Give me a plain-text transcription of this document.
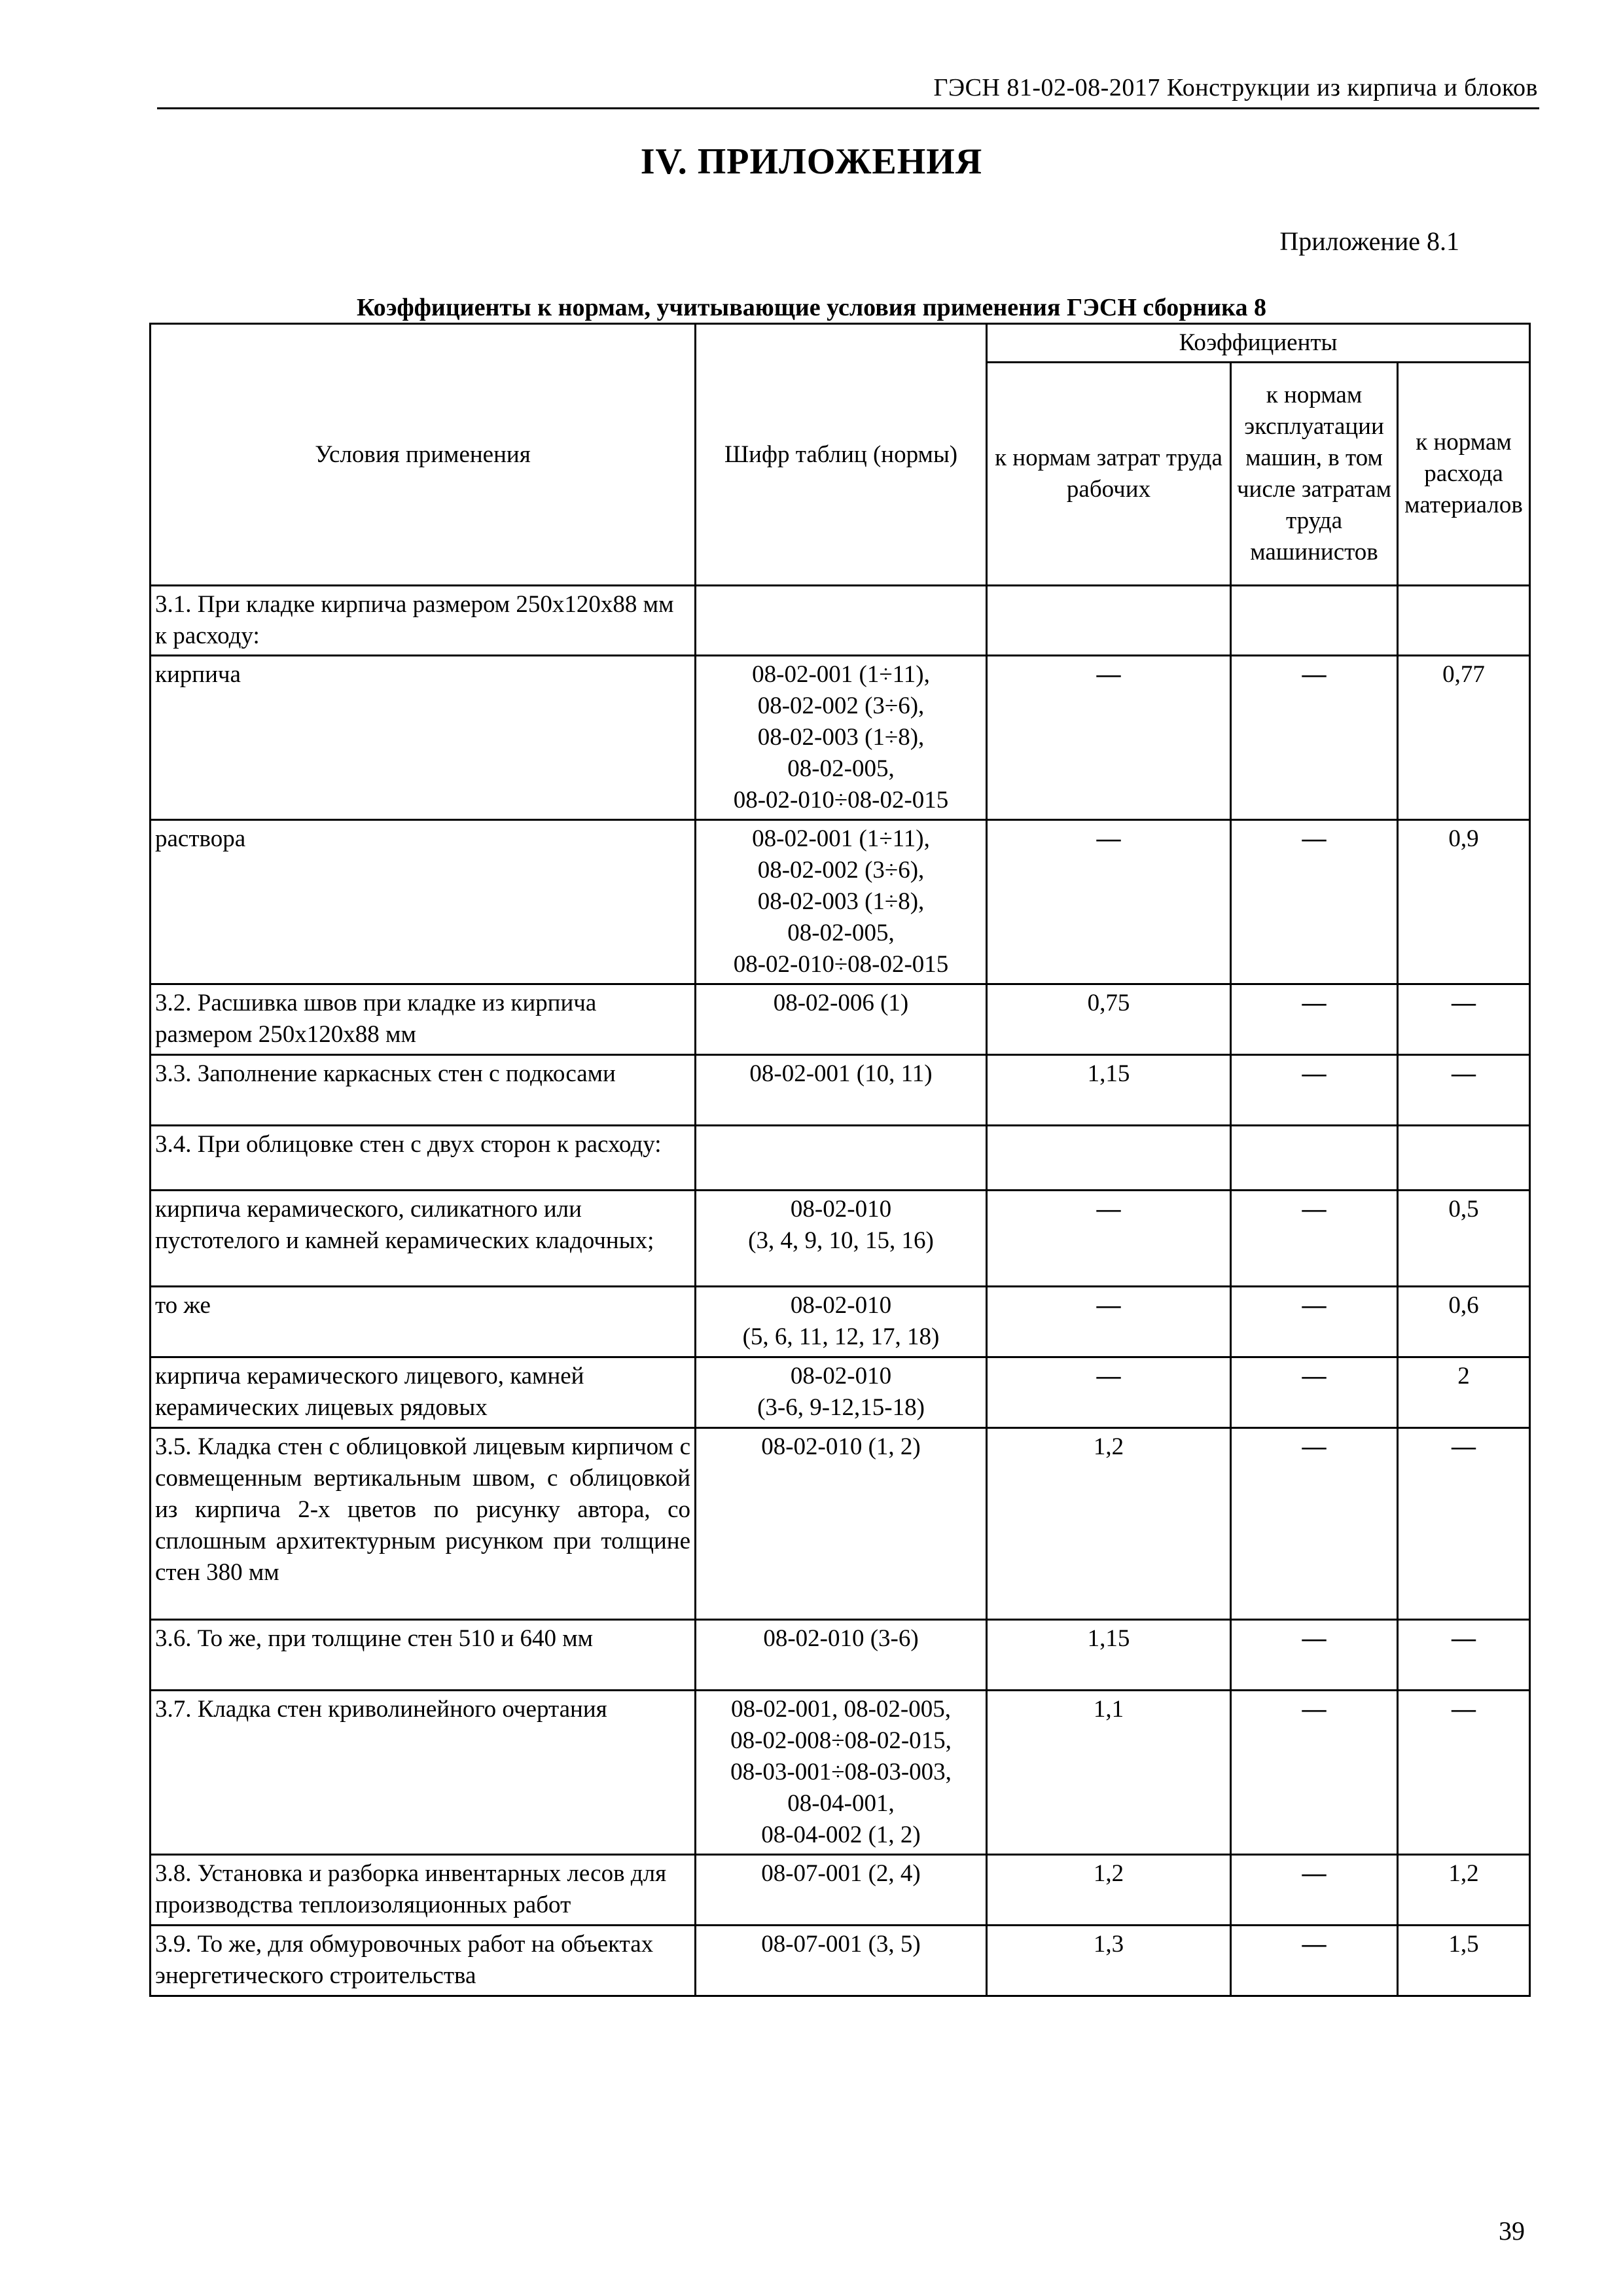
ГЭСН 81-02-08-2017 Конструкции из кирпича и блоков
IV. ПРИЛОЖЕНИЯ
Приложение 8.1
Коэффициенты к нормам, учитывающие условия применения ГЭСН сборника 8
Условия применения	Шифр таблиц (нормы)	Коэффициенты		
		к нормам затрат труда рабочих	к нормам эксплуатации машин, в том числе затратам труда машинистов	к нормам расхода материалов
3.1. При кладке кирпича размером 250х120х88 мм к расходу:				
кирпича	08-02-001 (1÷11),
08-02-002 (3÷6),
08-02-003 (1÷8),
08-02-005,
08-02-010÷08-02-015	—	—	0,77
раствора	08-02-001 (1÷11),
08-02-002 (3÷6),
08-02-003 (1÷8),
08-02-005,
08-02-010÷08-02-015	—	—	0,9
3.2. Расшивка швов при кладке из кирпича размером 250х120х88 мм	08-02-006 (1)	0,75	—	—
3.3. Заполнение каркасных стен с подкосами	08-02-001 (10, 11)	1,15	—	—
3.4. При облицовке стен с двух сторон к расходу:				
кирпича керамического, силикатного или пустотелого и камней керамических кладочных;	08-02-010
(3, 4, 9, 10, 15, 16)	—	—	0,5
то же	08-02-010
(5, 6, 11, 12, 17, 18)	—	—	0,6
кирпича керамического лицевого, камней керамических лицевых рядовых	08-02-010
(3-6, 9-12,15-18)	—	—	2
3.5. Кладка стен с облицовкой лицевым кирпичом с совмещенным вертикальным швом, с облицовкой из кирпича 2-х цветов по рисунку автора, со сплошным архитектурным рисунком при толщине стен 380 мм	08-02-010 (1, 2)	1,2	—	—
3.6. То же, при толщине стен 510 и 640 мм	08-02-010 (3-6)	1,15	—	—
3.7. Кладка стен криволинейного очертания	08-02-001, 08-02-005,
08-02-008÷08-02-015,
08-03-001÷08-03-003,
08-04-001,
08-04-002 (1, 2)	1,1	—	—
3.8. Установка и разборка инвентарных лесов для производства теплоизоляционных работ	08-07-001 (2, 4)	1,2	—	1,2
3.9. То же, для обмуровочных работ на объектах энергетического строительства	08-07-001 (3, 5)	1,3	—	1,5
39
